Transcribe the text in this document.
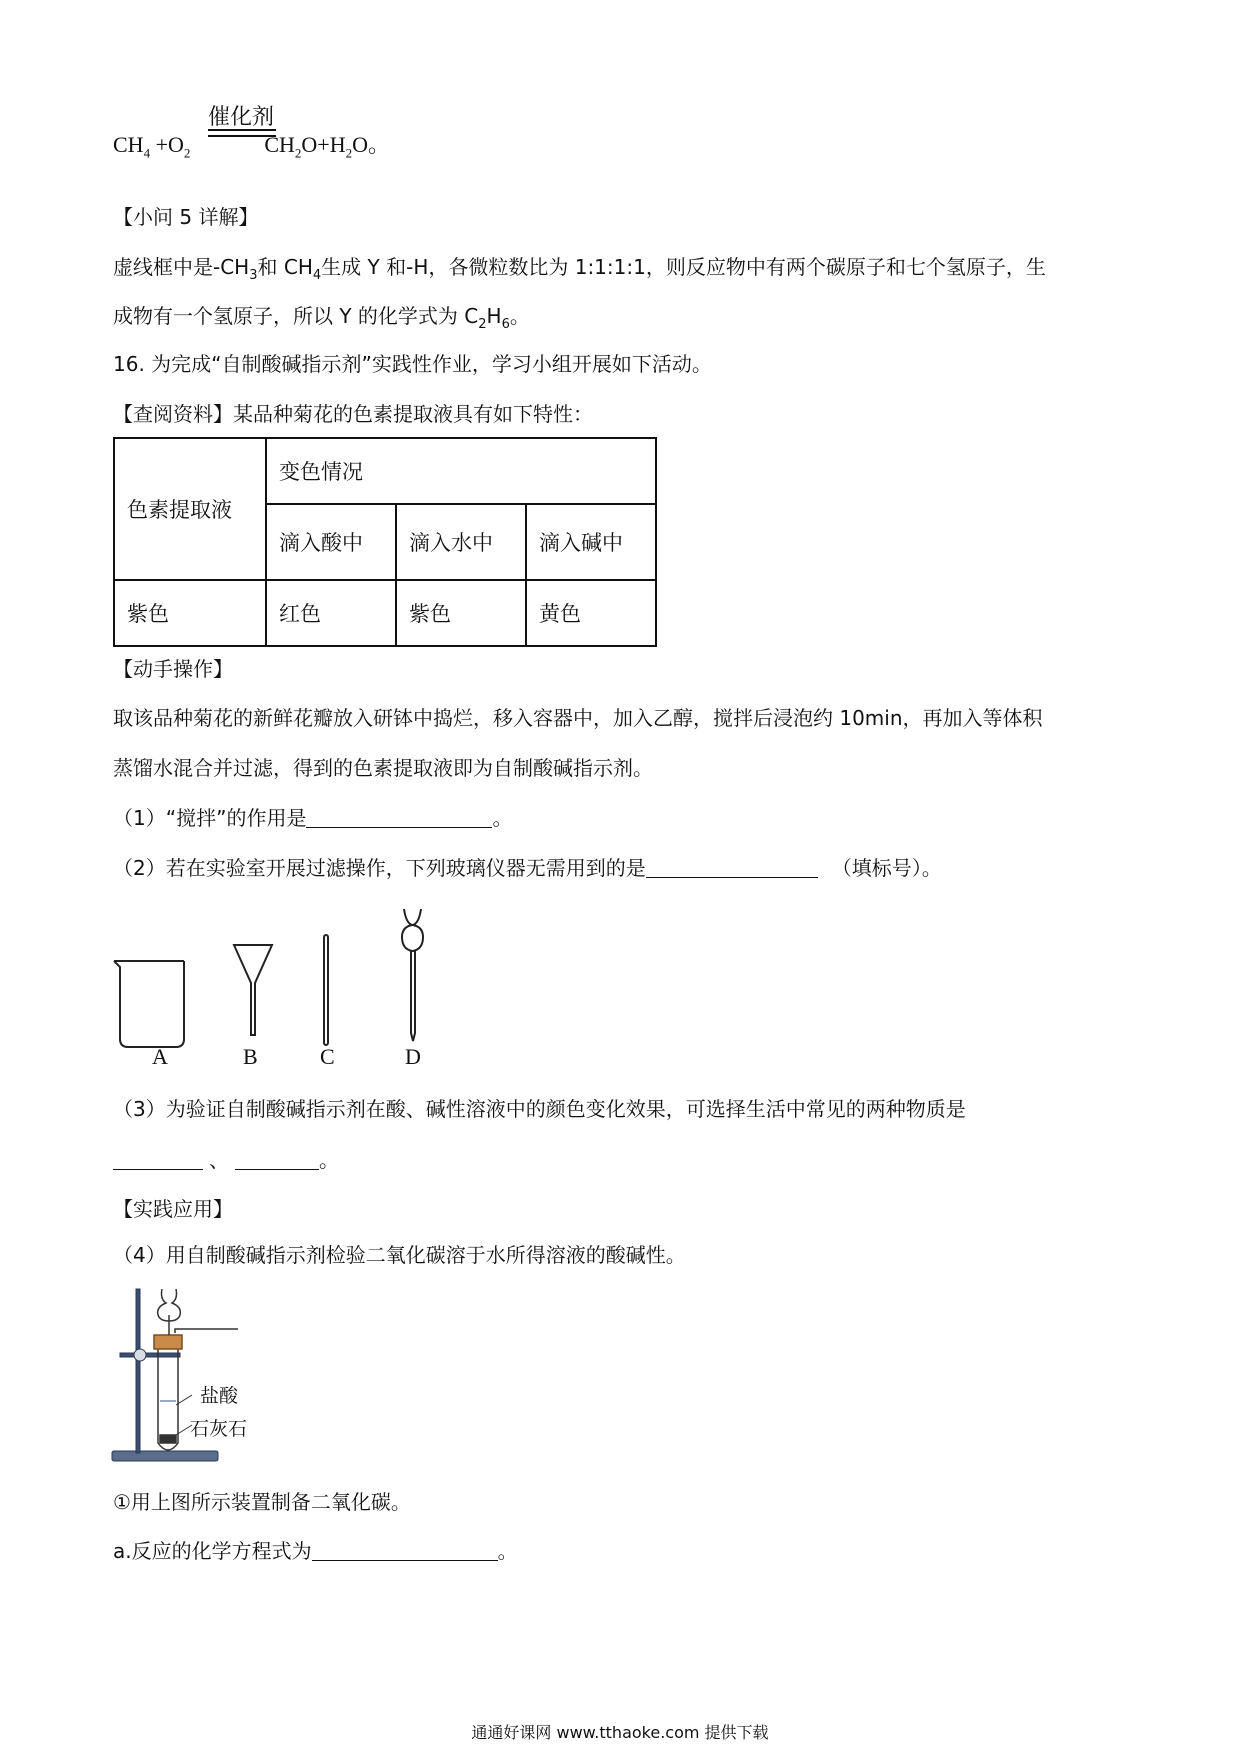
催化剂
$CH_4 +O_2$	$CH_2O+H_2O$。
【小问 5 详解】
虚线框中是$-CH_3$和 $CH_4$生成 Y 和-H，各微粒数比为 1:1:1:1，则反应物中有两个碳原子和七个氢原子，生
成物有一个氢原子，所以 Y 的化学式为 $C_2H_6$。
16. 为完成“自制酸碱指示剂”实践性作业，学习小组开展如下活动。
【查阅资料】某品种菊花的色素提取液具有如下特性：
色素提取液	变色情况		
	滴入酸中	滴入水中	滴入碱中
紫色	红色	紫色	黄色
【动手操作】
取该品种菊花的新鲜花瓣放入研钵中捣烂，移入容器中，加入乙醇，搅拌后浸泡约 10min，再加入等体积
蒸馏水混合并过滤，得到的色素提取液即为自制酸碱指示剂。
（1）“搅拌”的作用是	。
（2）若在实验室开展过滤操作，下列玻璃仪器无需用到的是	（填标号）。
A	B	C	D
（3）为验证自制酸碱指示剂在酸、碱性溶液中的颜色变化效果，可选择生活中常见的两种物质是
、	。
【实践应用】
（4）用自制酸碱指示剂检验二氧化碳溶于水所得溶液的酸碱性。
盐酸
石灰石
①用上图所示装置制备二氧化碳。
a.反应的化学方程式为	。
通通好课网 www.tthaoke.com 提供下载
